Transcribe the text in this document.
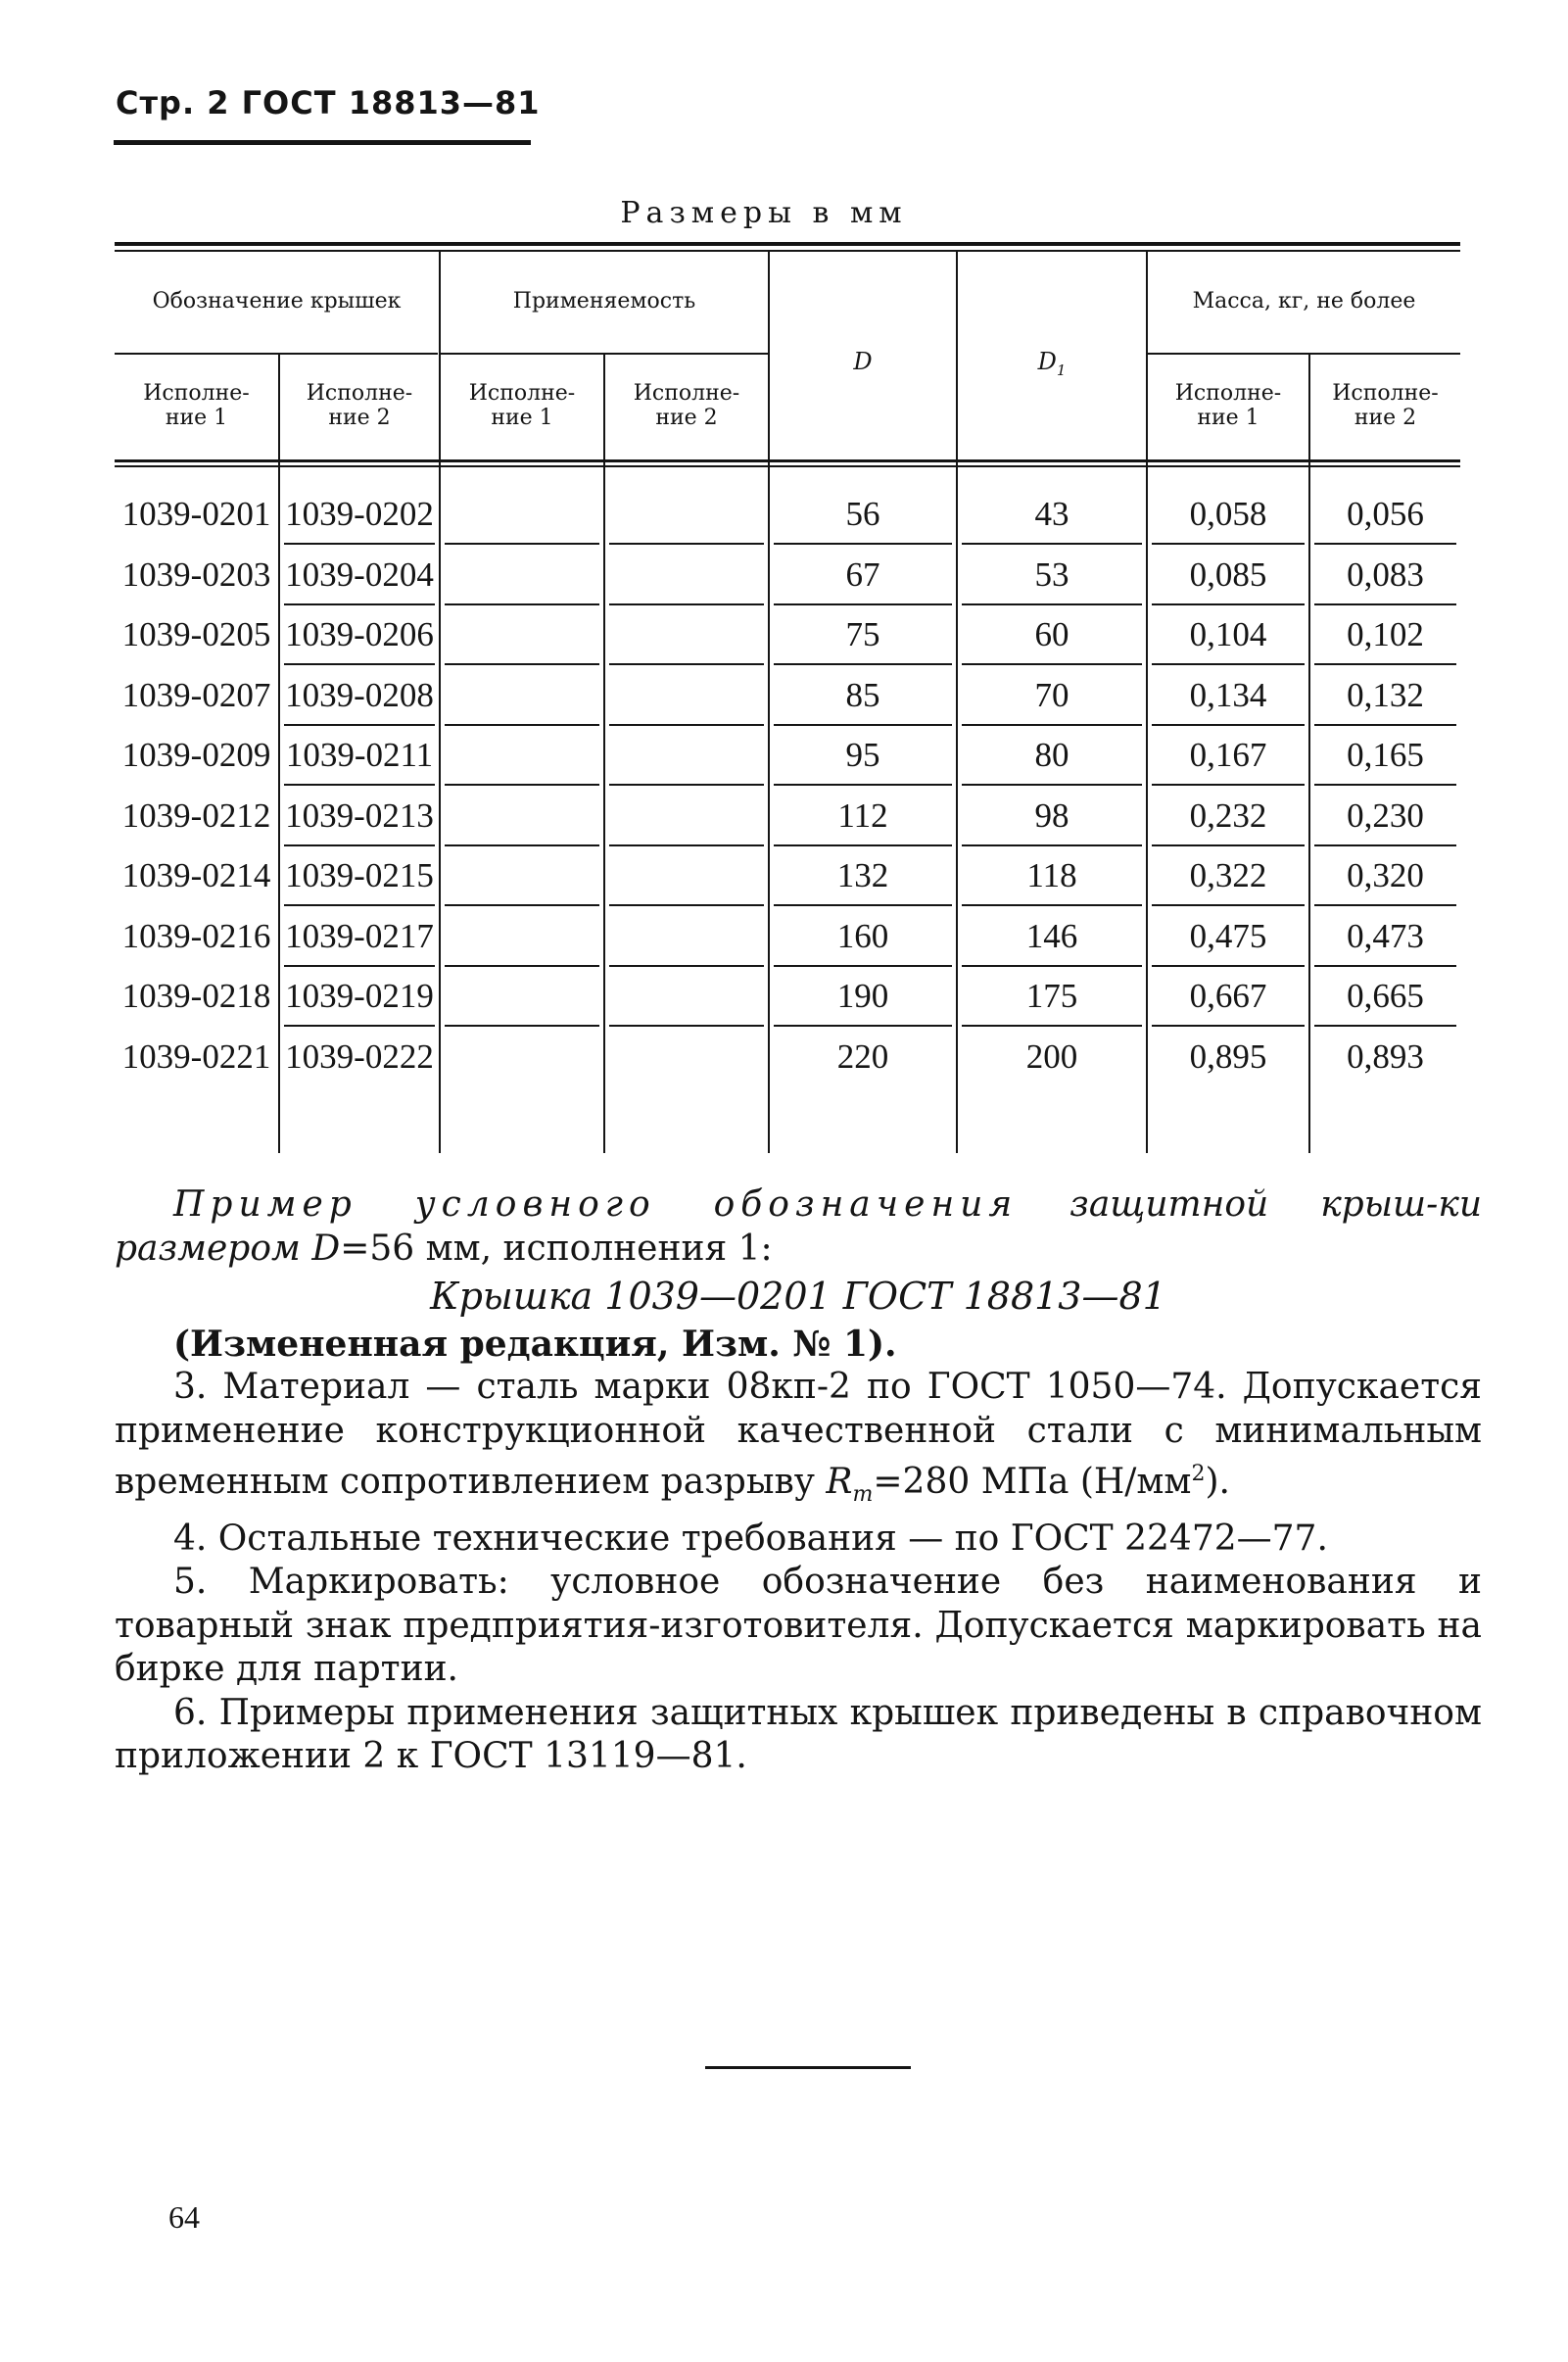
Стр. 2 ГОСТ 18813—81
Размеры в мм
Обозначение крышек	Применяемость	Масса, кг, не более
D	$D_1$
Исполне-
ние 1
Исполне-
ние 2
Исполне-
ние 1
Исполне-
ние 2
Исполне-
ние 1
Исполне-
ние 2
1039-0201 1039-0202	56	43	0,058	0,056
1039-0203 1039-0204	67	53	0,085	0,083
1039-0205 1039-0206	75	60	0,104	0,102
1039-0207 1039-0208	85	70	0,134	0,132
1039-0209 1039-0211	95	80	0,167	0,165
1039-0212 1039-0213	112	98	0,232	0,230
1039-0214 1039-0215	132	118	0,322	0,320
1039-0216 1039-0217	160	146	0,475	0,473
1039-0218 1039-0219	190	175	0,667	0,665
1039-0221 1039-0222	220	200	0,895	0,893

Пример условного обозначения защитной крыш-ки размером D=56 мм, исполнения 1:

Крышка 1039—0201 ГОСТ 18813—81

(Измененная редакция, Изм. № 1).

3. Материал — сталь марки 08кп-2 по ГОСТ 1050—74. Допускается применение конструкционной качественной стали с минимальным временным сопротивлением разрыву $R_m=280$ МПа $(Н/мм^2)$.

4. Остальные технические требования — по ГОСТ 22472—77.

5. Маркировать: условное обозначение без наименования и товарный знак предприятия-изготовителя. Допускается маркировать на бирке для партии.

6. Примеры применения защитных крышек приведены в справочном приложении 2 к ГОСТ 13119—81.

64
